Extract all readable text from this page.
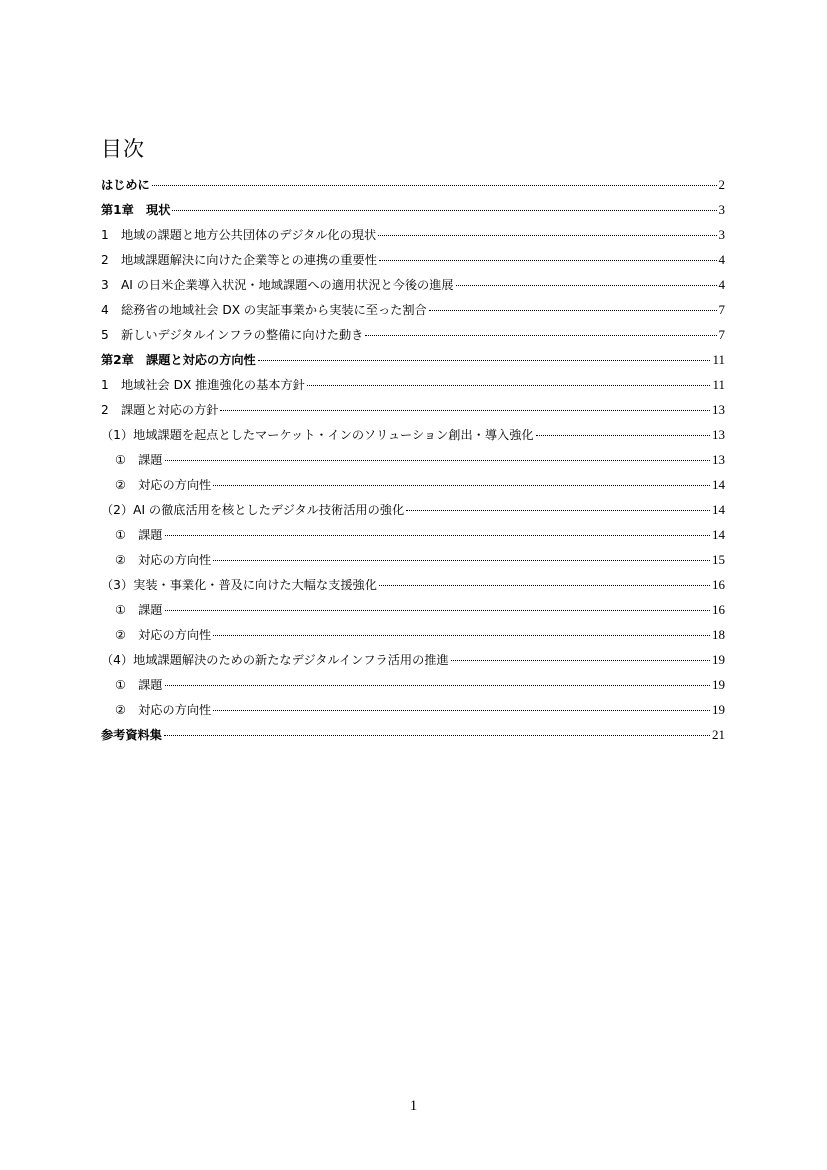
目次
はじめに	2
第1章　現状	3
1　地域の課題と地方公共団体のデジタル化の現状	3
2　地域課題解決に向けた企業等との連携の重要性	4
3　AI の日米企業導入状況・地域課題への適用状況と今後の進展	4
4　総務省の地域社会 DX の実証事業から実装に至った割合	7
5　新しいデジタルインフラの整備に向けた動き	7
第2章　課題と対応の方向性	11
1　地域社会 DX 推進強化の基本方針	11
2　課題と対応の方針	13
（1）地域課題を起点としたマーケット・インのソリューション創出・導入強化	13
①　課題	13
②　対応の方向性	14
（2）AI の徹底活用を核としたデジタル技術活用の強化	14
①　課題	14
②　対応の方向性	15
（3）実装・事業化・普及に向けた大幅な支援強化	16
①　課題	16
②　対応の方向性	18
（4）地域課題解決のための新たなデジタルインフラ活用の推進	19
①　課題	19
②　対応の方向性	19
参考資料集	21
1
